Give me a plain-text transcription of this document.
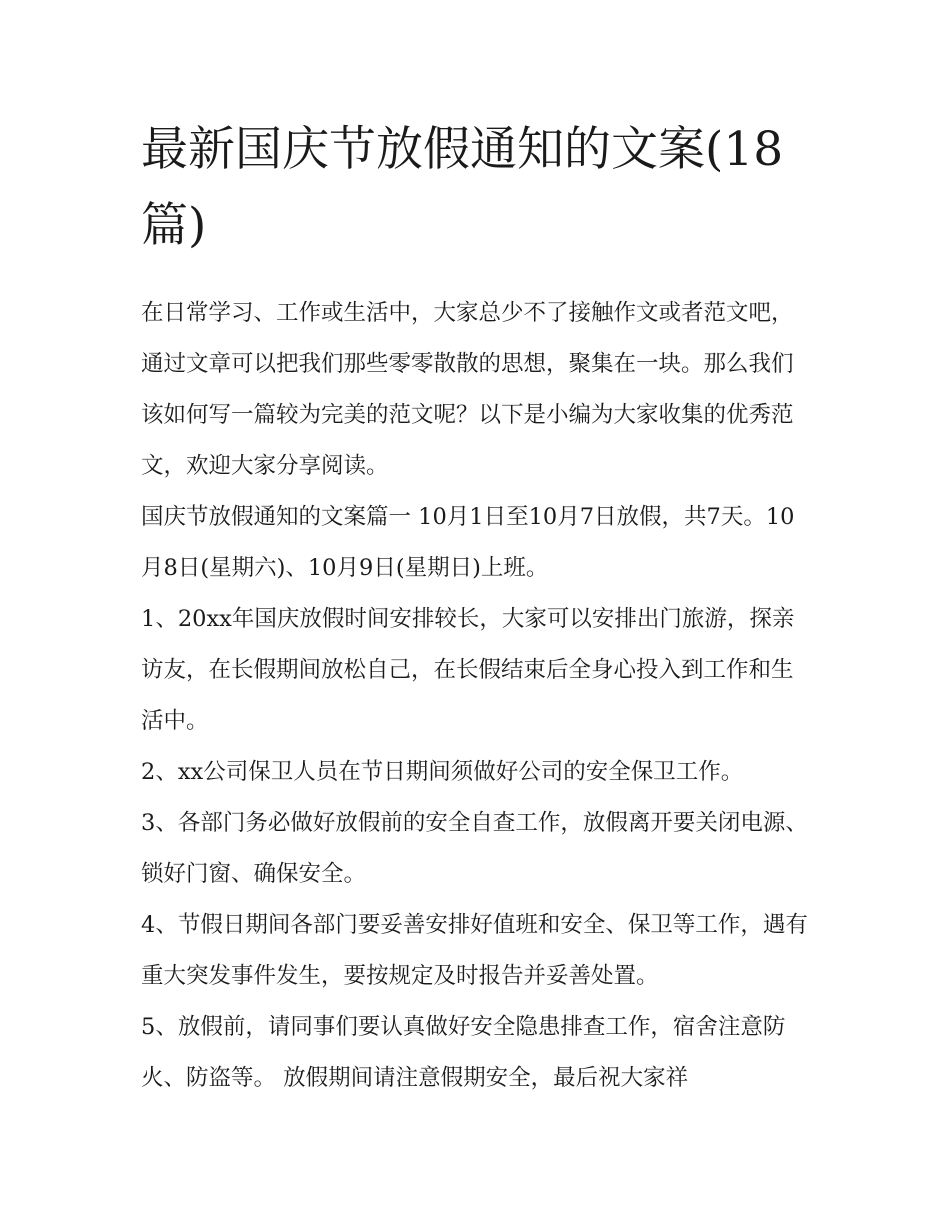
最新国庆节放假通知的文案(18篇)

在日常学习、工作或生活中，大家总少不了接触作文或者范文吧，通过文章可以把我们那些零零散散的思想，聚集在一块。那么我们该如何写一篇较为完美的范文呢？以下是小编为大家收集的优秀范文，欢迎大家分享阅读。

国庆节放假通知的文案篇一 10月1日至10月7日放假，共7天。10月8日(星期六)、10月9日(星期日)上班。

1、20xx年国庆放假时间安排较长，大家可以安排出门旅游，探亲访友，在长假期间放松自己，在长假结束后全身心投入到工作和生活中。

2、xx公司保卫人员在节日期间须做好公司的安全保卫工作。

3、各部门务必做好放假前的安全自查工作，放假离开要关闭电源、锁好门窗、确保安全。

4、节假日期间各部门要妥善安排好值班和安全、保卫等工作，遇有重大突发事件发生，要按规定及时报告并妥善处置。

5、放假前，请同事们要认真做好安全隐患排查工作，宿舍注意防火、防盗等。 放假期间请注意假期安全，最后祝大家祥
